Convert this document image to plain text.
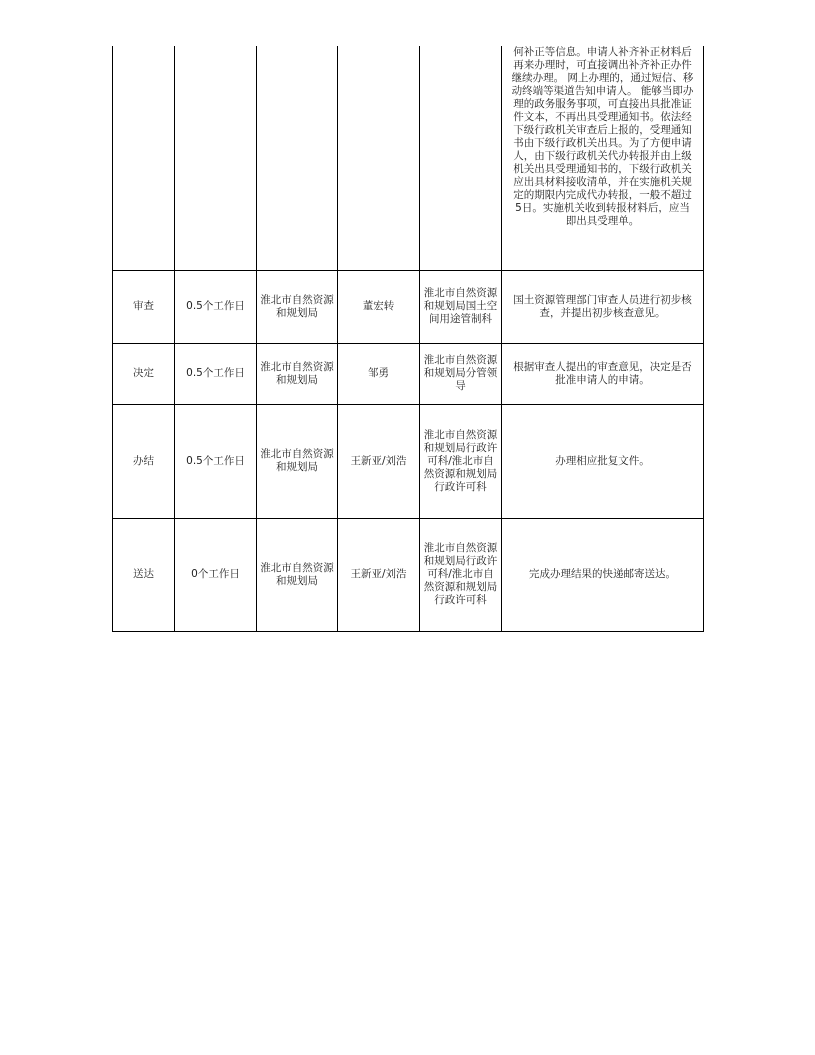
					何补正等信息。申请人补齐补正材料后再来办理时，可直接调出补齐补正办件继续办理。 网上办理的，通过短信、移动终端等渠道告知申请人。 能够当即办理的政务服务事项，可直接出具批准证件文本，不再出具受理通知书。依法经下级行政机关审查后上报的，受理通知书由下级行政机关出具。为了方便申请人，由下级行政机关代办转报并由上级机关出具受理通知书的，下级行政机关应出具材料接收清单，并在实施机关规定的期限内完成代办转报，一般不超过5日。实施机关收到转报材料后，应当即出具受理单。
审查	0.5个工作日	淮北市自然资源和规划局	董宏转	淮北市自然资源和规划局国土空间用途管制科	国土资源管理部门审查人员进行初步核查，并提出初步核查意见。
决定	0.5个工作日	淮北市自然资源和规划局	邹勇	淮北市自然资源和规划局分管领导	根据审查人提出的审查意见，决定是否批准申请人的申请。
办结	0.5个工作日	淮北市自然资源和规划局	王新亚/刘浩	淮北市自然资源和规划局行政许可科/淮北市自然资源和规划局行政许可科	办理相应批复文件。
送达	0个工作日	淮北市自然资源和规划局	王新亚/刘浩	淮北市自然资源和规划局行政许可科/淮北市自然资源和规划局行政许可科	完成办理结果的快递邮寄送达。
